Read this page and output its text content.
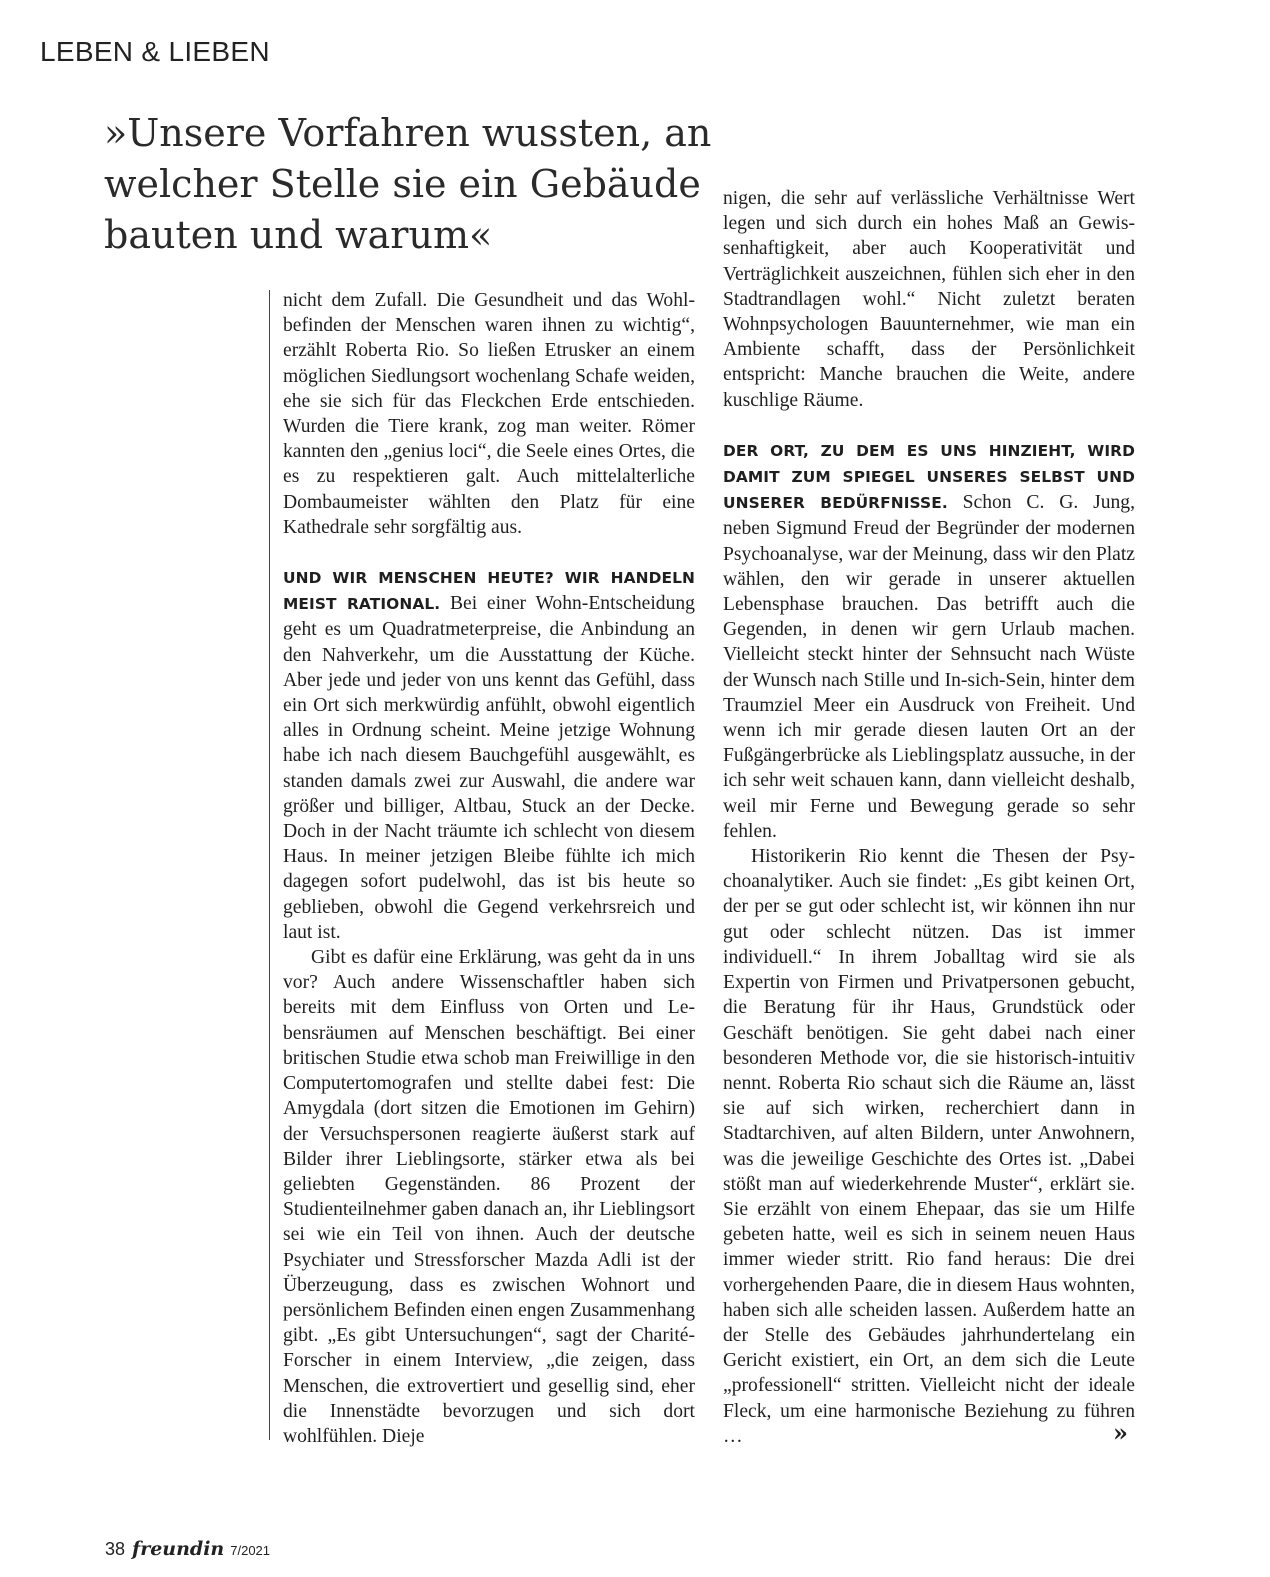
LEBEN & LIEBEN
»Unsere Vorfahren wussten, an welcher Stelle sie ein Gebäude bauten und warum«

nicht dem Zufall. Die Gesundheit und das Wohlbefinden der Menschen waren ihnen zu wichtig“, erzählt Roberta Rio. So ließen Etrusker an einem möglichen Siedlungsort wochenlang Schafe weiden, ehe sie sich für das Fleckchen Erde entschieden. Wurden die Tiere krank, zog man weiter. Römer kannten den „genius loci“, die Seele eines Ortes, die es zu respektieren galt. Auch mittelalterliche Dombaumeister wählten den Platz für eine Kathedrale sehr sorgfältig aus.

UND WIR MENSCHEN HEUTE? WIR HANDELN MEIST RATIONAL. Bei einer Wohn-Entscheidung geht es um Quadratmeterpreise, die Anbindung an den Nahverkehr, um die Ausstattung der Küche. Aber jede und jeder von uns kennt das Gefühl, dass ein Ort sich merkwürdig anfühlt, obwohl eigentlich alles in Ordnung scheint. Meine jetzige Wohnung habe ich nach diesem Bauchgefühl ausgewählt, es standen damals zwei zur Auswahl, die andere war größer und billiger, Altbau, Stuck an der Decke. Doch in der Nacht träumte ich schlecht von diesem Haus. In meiner jetzigen Bleibe fühlte ich mich dagegen sofort pudelwohl, das ist bis heute so geblieben, obwohl die Gegend verkehrsreich und laut ist.

Gibt es dafür eine Erklärung, was geht da in uns vor? Auch andere Wissenschaftler haben sich bereits mit dem Einfluss von Orten und Lebensräumen auf Menschen beschäftigt. Bei einer britischen Studie etwa schob man Freiwillige in den Computertomografen und stellte dabei fest: Die Amygdala (dort sitzen die Emotionen im Gehirn) der Versuchspersonen reagierte äußerst stark auf Bilder ihrer Lieblingsorte, stärker etwa als bei geliebten Gegenständen. 86 Prozent der Studienteilnehmer gaben danach an, ihr Lieblingsort sei wie ein Teil von ihnen. Auch der deutsche Psychiater und Stressforscher Mazda Adli ist der Überzeugung, dass es zwischen Wohnort und persönlichem Befinden einen engen Zusammenhang gibt. „Es gibt Untersuchungen“, sagt der Charité-Forscher in einem Interview, „die zeigen, dass Menschen, die extrovertiert und gesellig sind, eher die Innenstädte bevorzugen und sich dort wohlfühlen. Dieje

nigen, die sehr auf verlässliche Verhältnisse Wert legen und sich durch ein hohes Maß an Gewissenhaftigkeit, aber auch Kooperativität und Verträglichkeit auszeichnen, fühlen sich eher in den Stadtrandlagen wohl.“ Nicht zuletzt beraten Wohnpsychologen Bauunternehmer, wie man ein Ambiente schafft, dass der Persönlichkeit entspricht: Manche brauchen die Weite, andere kuschlige Räume.

DER ORT, ZU DEM ES UNS HINZIEHT, WIRD DAMIT ZUM SPIEGEL UNSERES SELBST UND UNSERER BEDÜRFNISSE. Schon C. G. Jung, neben Sigmund Freud der Begründer der modernen Psychoanalyse, war der Meinung, dass wir den Platz wählen, den wir gerade in unserer aktuellen Lebensphase brauchen. Das betrifft auch die Gegenden, in denen wir gern Urlaub machen. Vielleicht steckt hinter der Sehnsucht nach Wüste der Wunsch nach Stille und In-sich-Sein, hinter dem Traumziel Meer ein Ausdruck von Freiheit. Und wenn ich mir gerade diesen lauten Ort an der Fußgängerbrücke als Lieblingsplatz aussuche, in der ich sehr weit schauen kann, dann vielleicht deshalb, weil mir Ferne und Bewegung gerade so sehr fehlen.

Historikerin Rio kennt die Thesen der Psychoanalytiker. Auch sie findet: „Es gibt keinen Ort, der per se gut oder schlecht ist, wir können ihn nur gut oder schlecht nützen. Das ist immer individuell.“ In ihrem Joballtag wird sie als Expertin von Firmen und Privatpersonen gebucht, die Beratung für ihr Haus, Grundstück oder Geschäft benötigen. Sie geht dabei nach einer besonderen Methode vor, die sie historisch-intuitiv nennt. Roberta Rio schaut sich die Räume an, lässt sie auf sich wirken, recherchiert dann in Stadtarchiven, auf alten Bildern, unter Anwohnern, was die jeweilige Geschichte des Ortes ist. „Dabei stößt man auf wiederkehrende Muster“, erklärt sie. Sie erzählt von einem Ehepaar, das sie um Hilfe gebeten hatte, weil es sich in seinem neuen Haus immer wieder stritt. Rio fand heraus: Die drei vorhergehenden Paare, die in diesem Haus wohnten, haben sich alle scheiden lassen. Außerdem hatte an der Stelle des Gebäudes jahrhundertelang ein Gericht existiert, ein Ort, an dem sich die Leute „professionell“ stritten. Vielleicht nicht der ideale Fleck, um eine harmonische Beziehung zu führen …	»
38 freundin 7/2021
